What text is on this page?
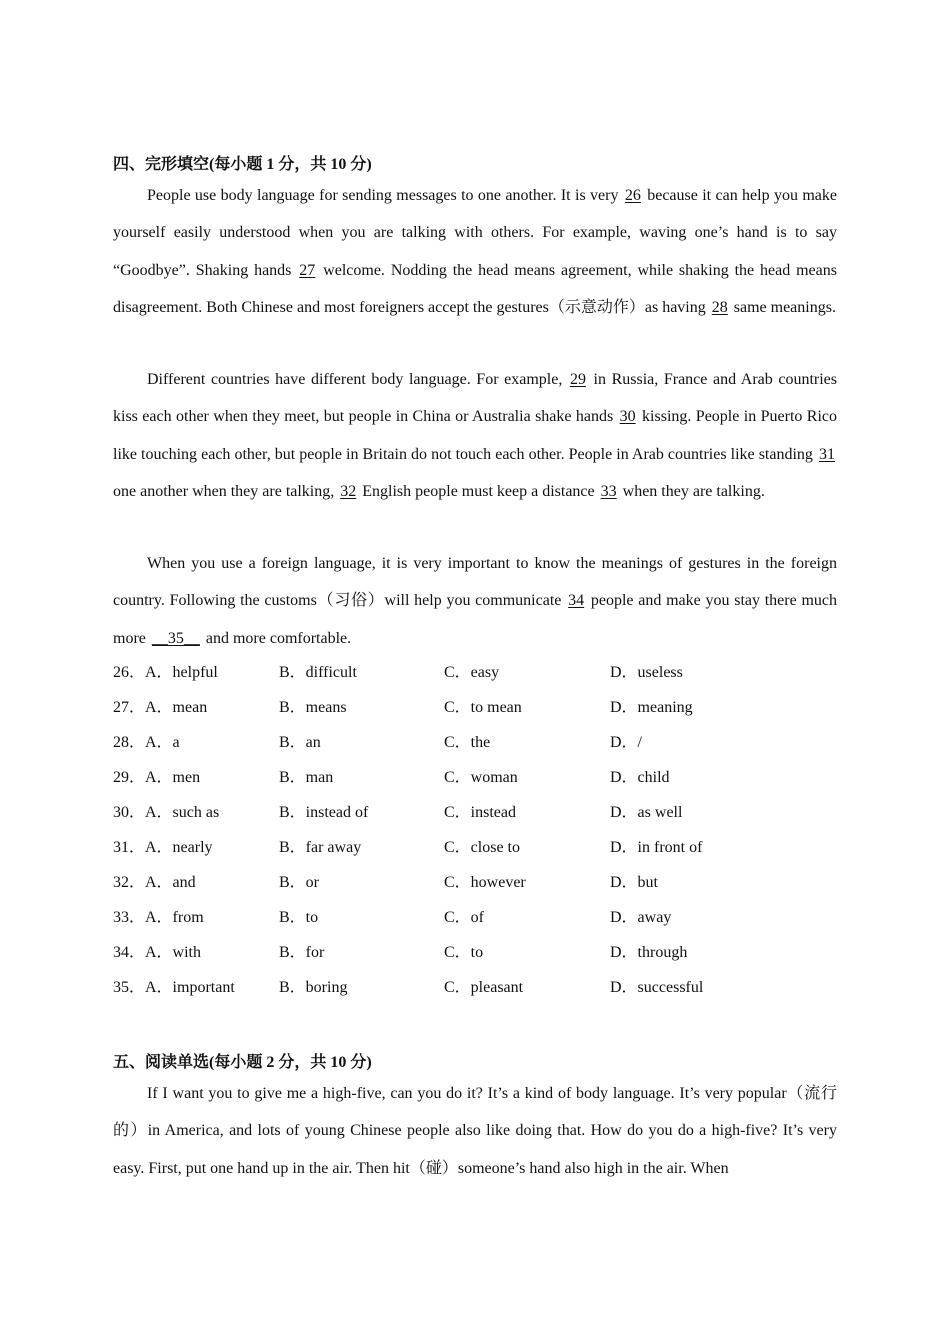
四、完形填空(每小题 1 分，共 10 分)

People use body language for sending messages to one another. It is very 26 because it can help you make yourself easily understood when you are talking with others. For example, waving one’s hand is to say “Goodbye”. Shaking hands 27 welcome. Nodding the head means agreement, while shaking the head means disagreement. Both Chinese and most foreigners accept the gestures（示意动作）as having 28 same meanings.

Different countries have different body language. For example, 29 in Russia, France and Arab countries kiss each other when they meet, but people in China or Australia shake hands 30 kissing. People in Puerto Rico like touching each other, but people in Britain do not touch each other. People in Arab countries like standing 31 one another when they are talking, 32 English people must keep a distance 33 when they are talking.

When you use a foreign language, it is very important to know the meanings of gestures in the foreign country. Following the customs（习俗）will help you communicate 34 people and make you stay there much more __35__ and more comfortable.

26．A．helpful	B．difficult	C．easy	D．useless
27．A．mean	B．means	C．to mean	D．meaning
28．A．a	B．an	C．the	D．/
29．A．men	B．man	C．woman	D．child
30．A．such as	B．instead of	C．instead	D．as well
31．A．nearly	B．far away	C．close to	D．in front of
32．A．and	B．or	C．however	D．but
33．A．from	B．to	C．of	D．away
34．A．with	B．for	C．to	D．through
35．A．important	B．boring	C．pleasant	D．successful
五、阅读单选(每小题 2 分，共 10 分)

If I want you to give me a high-five, can you do it? It’s a kind of body language. It’s very popular（流行的）in America, and lots of young Chinese people also like doing that. How do you do a high-five? It’s very easy. First, put one hand up in the air. Then hit（碰）someone’s hand also high in the air. When
